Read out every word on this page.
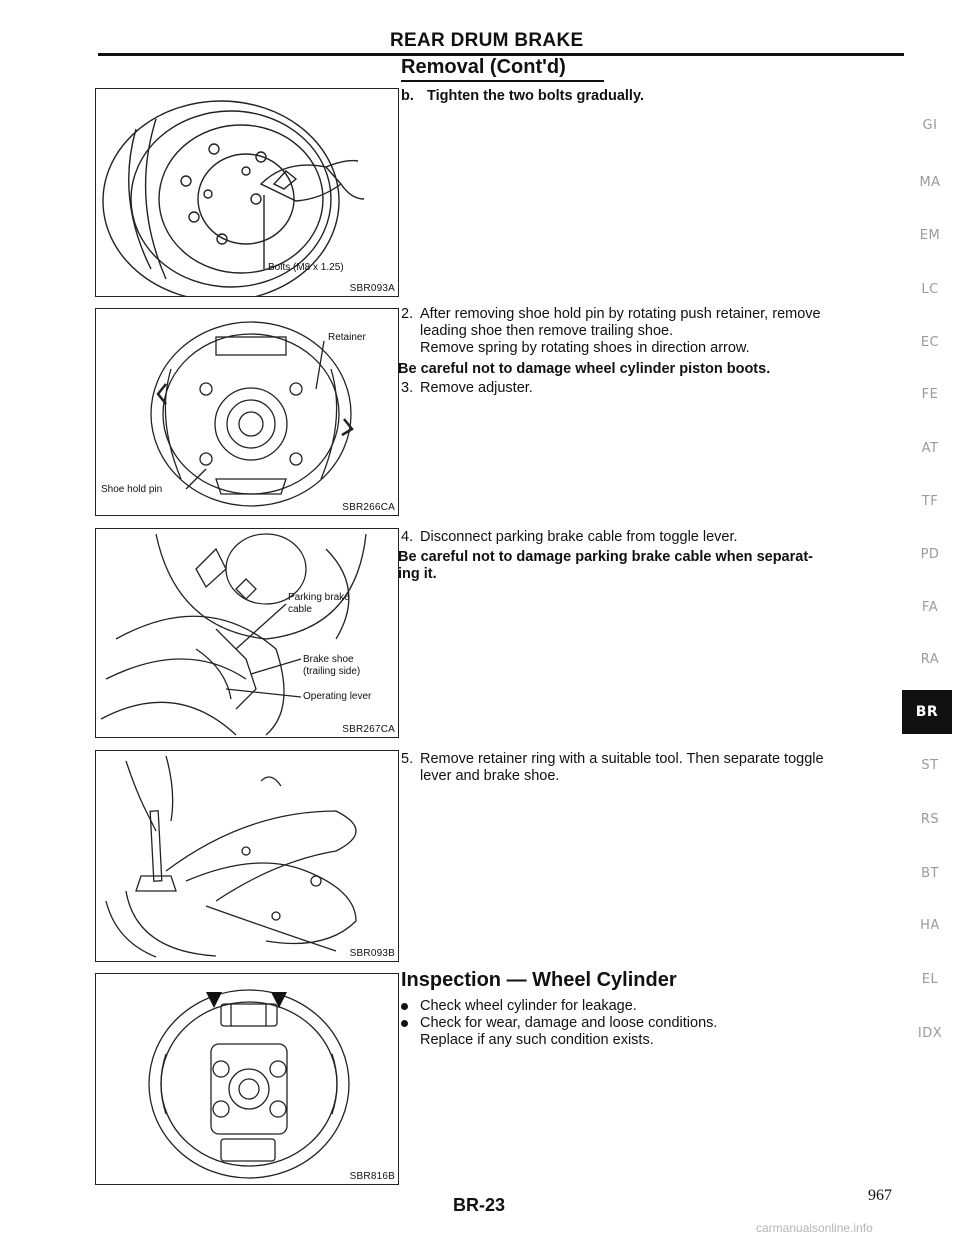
REAR DRUM BRAKE
Removal (Cont'd)
Bolts (M8 x 1.25)
SBR093A
Retainer
Shoe hold pin
SBR266CA
Parking brake
cable
Brake shoe
(trailing side)
Operating lever
SBR267CA
SBR093B
SBR816B
b. Tighten the two bolts gradually.
2. After removing shoe hold pin by rotating push retainer, remove
leading shoe then remove trailing shoe.
Remove spring by rotating shoes in direction arrow.
Be careful not to damage wheel cylinder piston boots.
3. Remove adjuster.
4. Disconnect parking brake cable from toggle lever.
Be careful not to damage parking brake cable when separat-
ing it.
5. Remove retainer ring with a suitable tool. Then separate toggle
lever and brake shoe.
Inspection — Wheel Cylinder
Check wheel cylinder for leakage.
Check for wear, damage and loose conditions.
Replace if any such condition exists.
GI
MA
EM
LC
EC
FE
AT
TF
PD
FA
RA
BR
ST
RS
BT
HA
EL
IDX
BR-23	967
carmanualsonline.info
